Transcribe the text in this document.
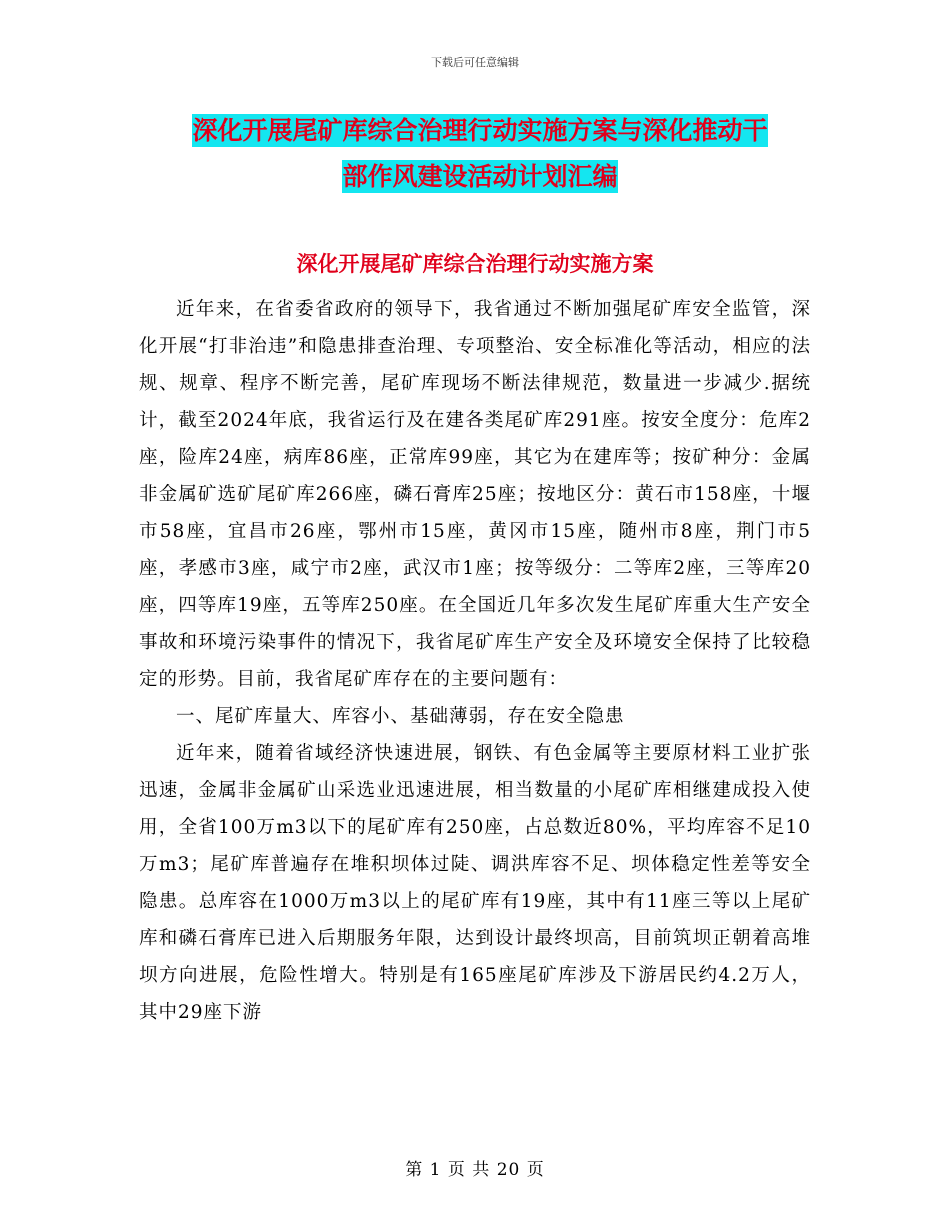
下载后可任意编辑
深化开展尾矿库综合治理行动实施方案与深化推动干
部作风建设活动计划汇编
深化开展尾矿库综合治理行动实施方案

近年来，在省委省政府的领导下，我省通过不断加强尾矿库安全监管，深化开展“打非治违”和隐患排查治理、专项整治、安全标准化等活动，相应的法规、规章、程序不断完善，尾矿库现场不断法律规范，数量进一步减少.据统计，截至2024年底，我省运行及在建各类尾矿库291座。按安全度分：危库2座，险库24座，病库86座，正常库99座，其它为在建库等；按矿种分：金属非金属矿选矿尾矿库266座，磷石膏库25座；按地区分：黄石市158座，十堰市58座，宜昌市26座，鄂州市15座，黄冈市15座，随州市8座，荆门市5座，孝感市3座，咸宁市2座，武汉市1座；按等级分：二等库2座，三等库20座，四等库19座，五等库250座。在全国近几年多次发生尾矿库重大生产安全事故和环境污染事件的情况下，我省尾矿库生产安全及环境安全保持了比较稳定的形势。目前，我省尾矿库存在的主要问题有：

一、尾矿库量大、库容小、基础薄弱，存在安全隐患

近年来，随着省域经济快速进展，钢铁、有色金属等主要原材料工业扩张迅速，金属非金属矿山采选业迅速进展，相当数量的小尾矿库相继建成投入使用，全省100万m3以下的尾矿库有250座，占总数近80%，平均库容不足10万m3；尾矿库普遍存在堆积坝体过陡、调洪库容不足、坝体稳定性差等安全隐患。总库容在1000万m3以上的尾矿库有19座，其中有11座三等以上尾矿库和磷石膏库已进入后期服务年限，达到设计最终坝高，目前筑坝正朝着高堆坝方向进展，危险性增大。特别是有165座尾矿库涉及下游居民约4.2万人，其中29座下游

第 1 页 共 20 页
